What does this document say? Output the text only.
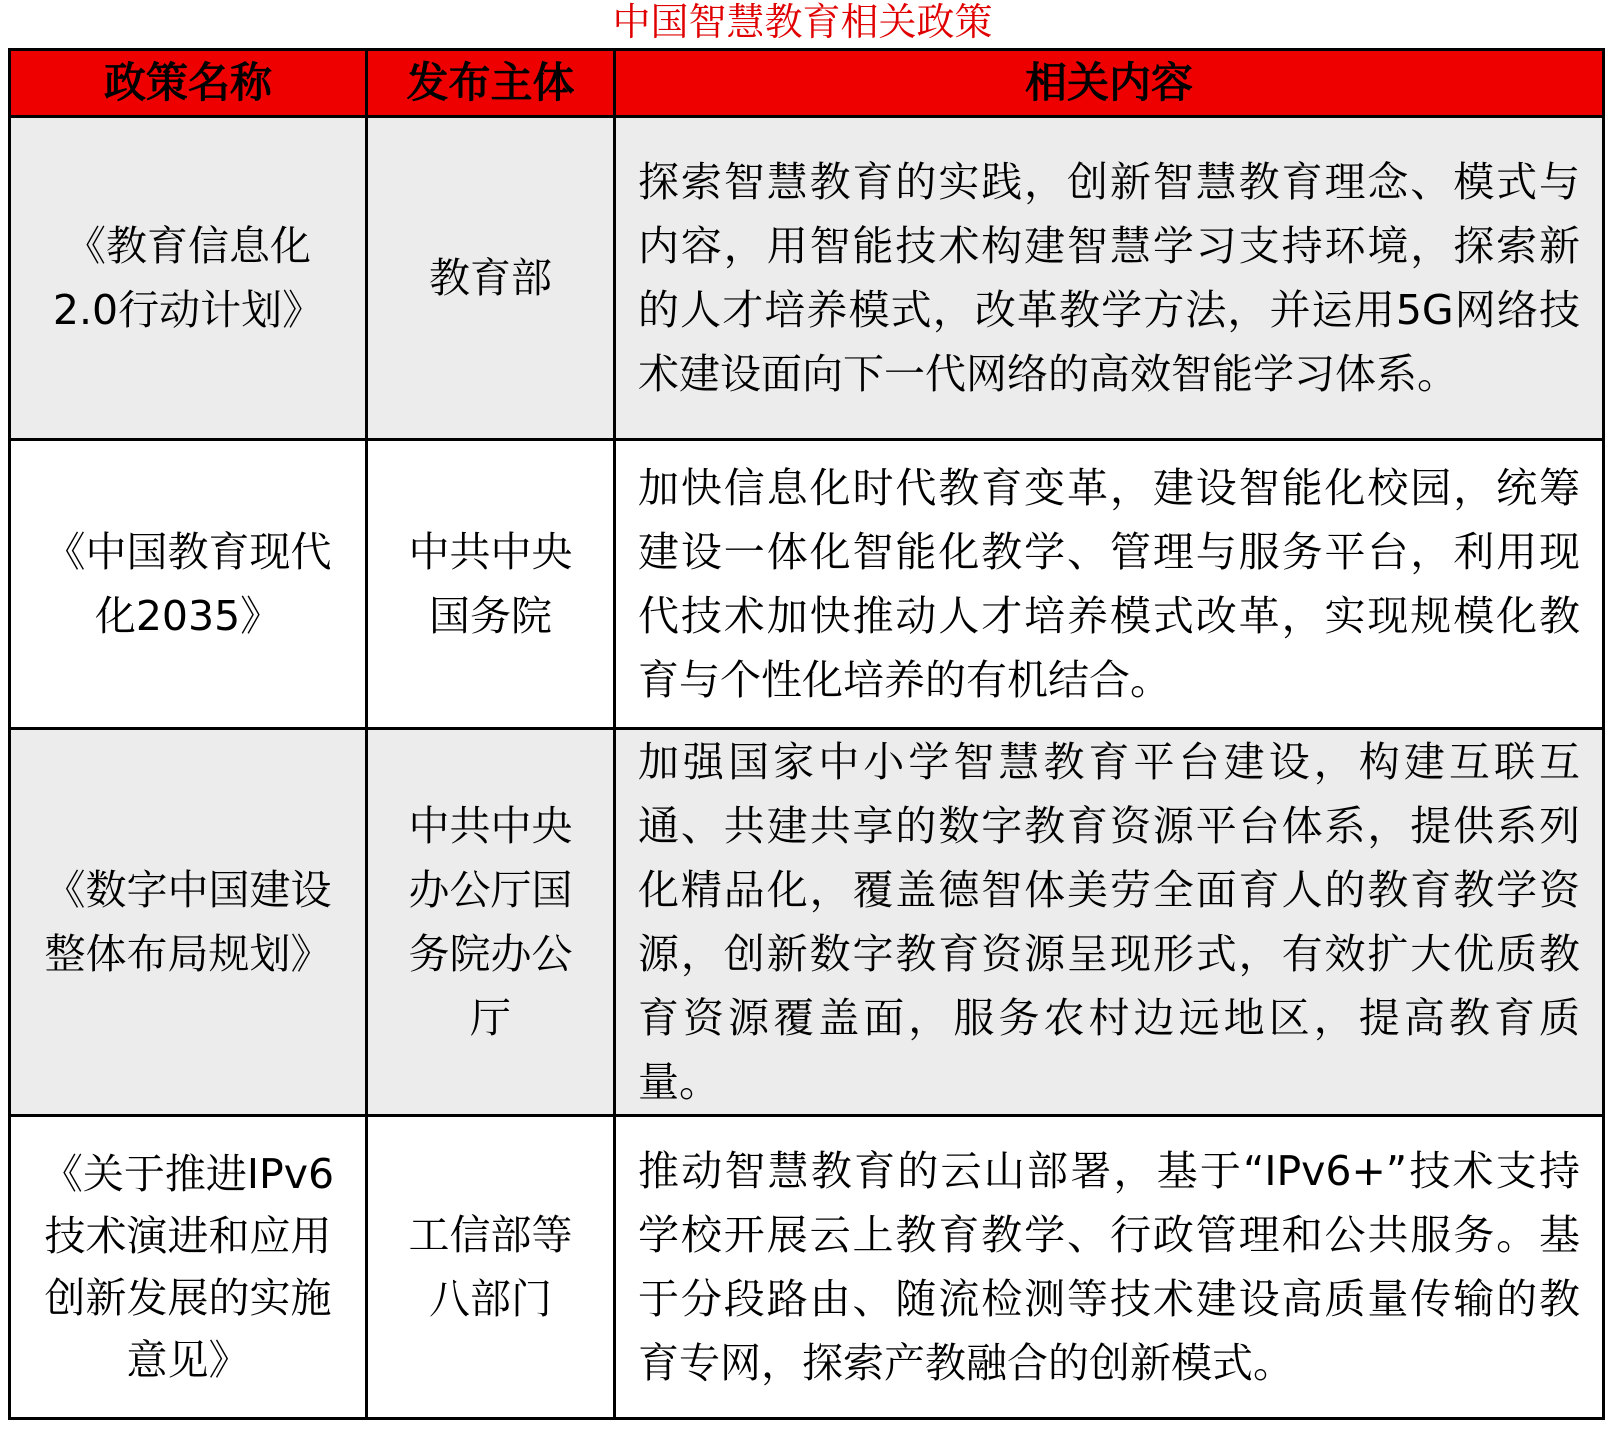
中国智慧教育相关政策
政策名称	发布主体	相关内容
《教育信息化2.0行动计划》	教育部	探索智慧教育的实践，创新智慧教育理念、模式与内容，用智能技术构建智慧学习支持环境，探索新的人才培养模式，改革教学方法，并运用5G网络技术建设面向下一代网络的高效智能学习体系。
《中国教育现代化2035》	中共中央国务院	加快信息化时代教育变革，建设智能化校园，统筹建设一体化智能化教学、管理与服务平台，利用现代技术加快推动人才培养模式改革，实现规模化教育与个性化培养的有机结合。
《数字中国建设整体布局规划》	中共中央办公厅国务院办公厅	加强国家中小学智慧教育平台建设，构建互联互通、共建共享的数字教育资源平台体系，提供系列化精品化，覆盖德智体美劳全面育人的教育教学资源，创新数字教育资源呈现形式，有效扩大优质教育资源覆盖面，服务农村边远地区，提高教育质量。
《关于推进IPv6技术演进和应用创新发展的实施意见》	工信部等八部门	推动智慧教育的云山部署，基于“IPv6+”技术支持学校开展云上教育教学、行政管理和公共服务。基于分段路由、随流检测等技术建设高质量传输的教育专网，探索产教融合的创新模式。
